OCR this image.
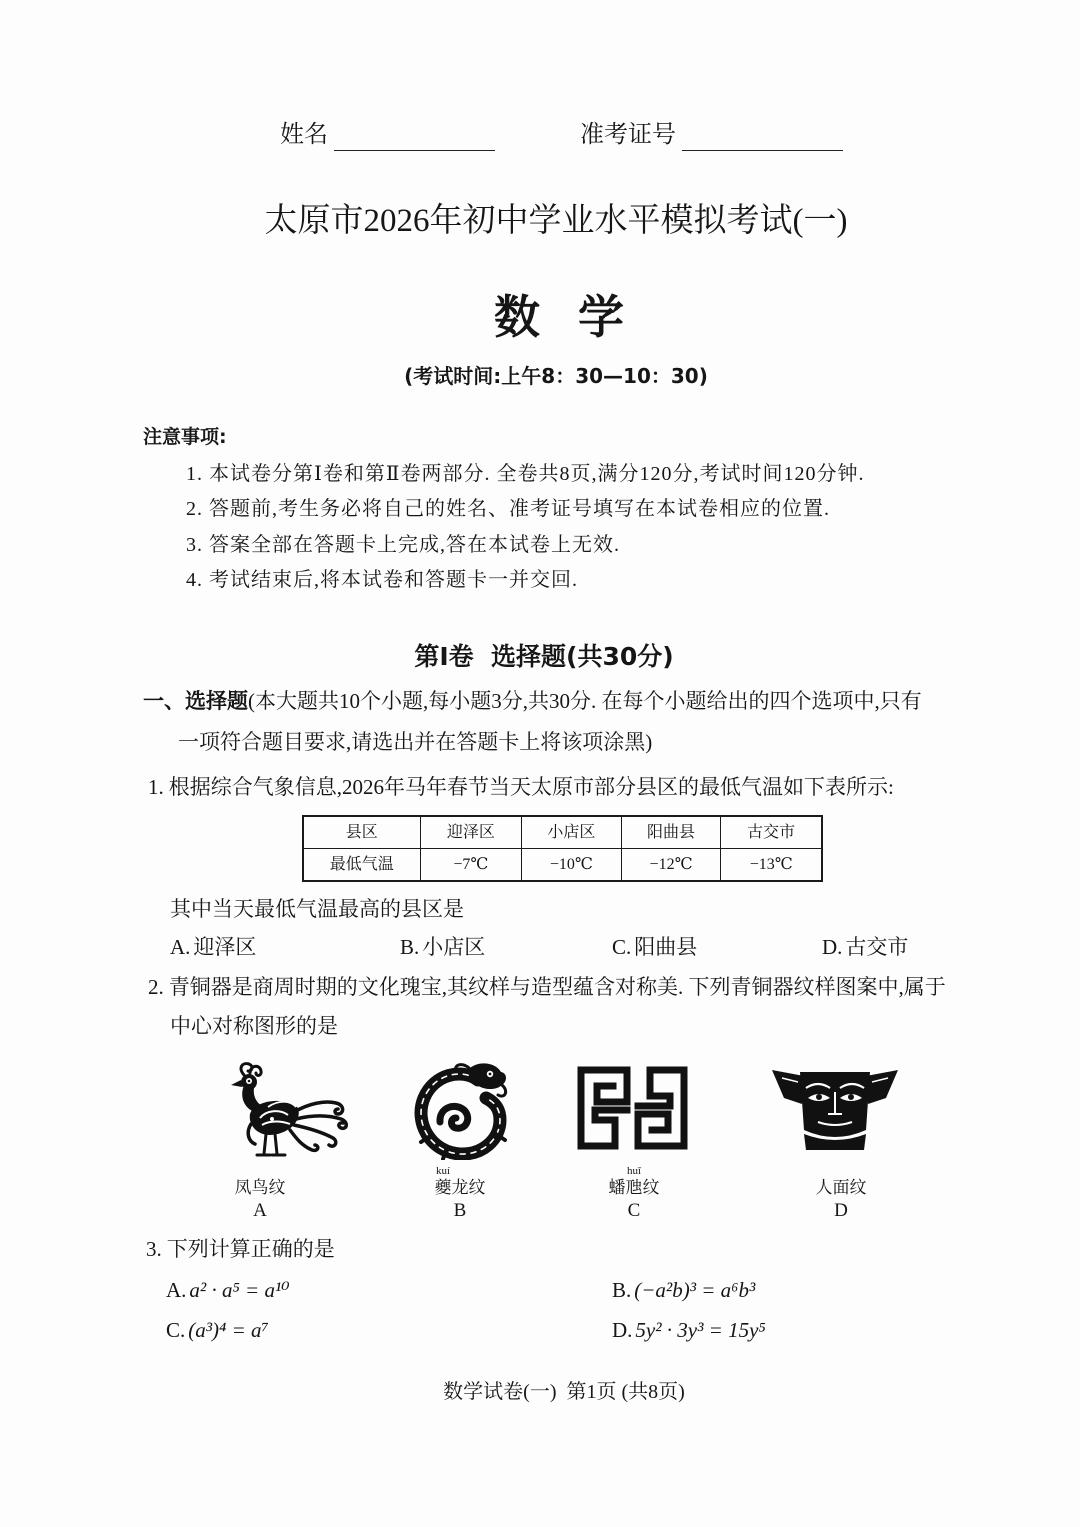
姓名	准考证号
太原市2026年初中学业水平模拟考试(一)
数学
(考试时间:上午8：30—10：30)
注意事项:
1. 本试卷分第Ⅰ卷和第Ⅱ卷两部分. 全卷共8页,满分120分,考试时间120分钟.
2. 答题前,考生务必将自己的姓名、准考证号填写在本试卷相应的位置.
3. 答案全部在答题卡上完成,答在本试卷上无效.
4. 考试结束后,将本试卷和答题卡一并交回.
第Ⅰ卷  选择题(共30分)
一、选择题(本大题共10个小题,每小题3分,共30分. 在每个小题给出的四个选项中,只有
一项符合题目要求,请选出并在答题卡上将该项涂黑)
1. 根据综合气象信息,2026年马年春节当天太原市部分县区的最低气温如下表所示:
县区	迎泽区	小店区	阳曲县	古交市
最低气温	−7℃	−10℃	−12℃	−13℃
其中当天最低气温最高的县区是
A. 迎泽区	B. 小店区	C. 阳曲县	D. 古交市
2. 青铜器是商周时期的文化瑰宝,其纹样与造型蕴含对称美. 下列青铜器纹样图案中,属于
中心对称图形的是
凤鸟纹
A
kuí
夔龙纹
B
huī
蟠虺纹
C
人面纹
D
3. 下列计算正确的是
A. a² · a⁵ = a¹⁰	B. (−a²b)³ = a⁶b³
C. (a³)⁴ = a⁷	D. 5y² · 3y³ = 15y⁵
数学试卷(一)  第1页 (共8页)
